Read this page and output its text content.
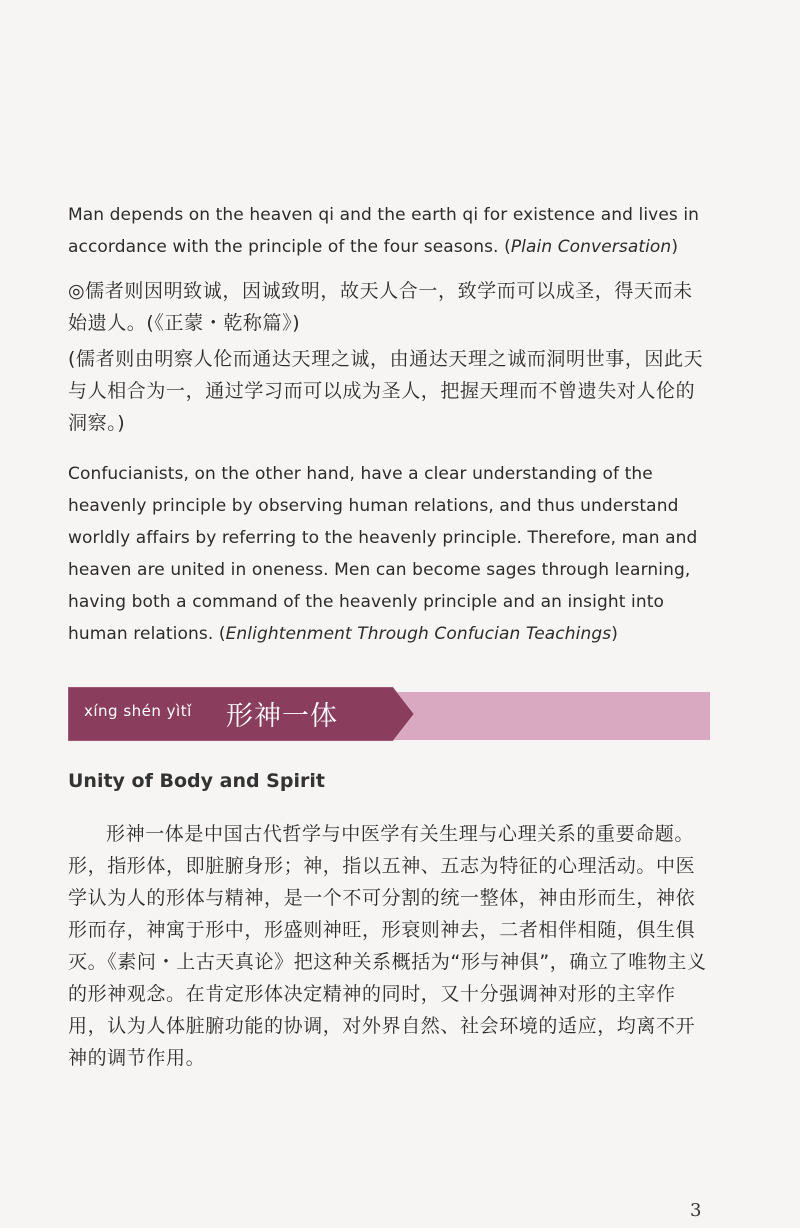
Man depends on the heaven qi and the earth qi for existence and lives in accordance with the principle of the four seasons. (Plain Conversation)
◎儒者则因明致诚，因诚致明，故天人合一，致学而可以成圣，得天而未始遗人。(《正蒙・乾称篇》)
(儒者则由明察人伦而通达天理之诚，由通达天理之诚而洞明世事，因此天与人相合为一，通过学习而可以成为圣人，把握天理而不曾遗失对人伦的洞察。)
Confucianists, on the other hand, have a clear understanding of the heavenly principle by observing human relations, and thus understand worldly affairs by referring to the heavenly principle. Therefore, man and heaven are united in oneness. Men can become sages through learning, having both a command of the heavenly principle and an insight into human relations. (Enlightenment Through Confucian Teachings)
xíng shén yìtǐ 形神一体
Unity of Body and Spirit
形神一体是中国古代哲学与中医学有关生理与心理关系的重要命题。形，指形体，即脏腑身形；神，指以五神、五志为特征的心理活动。中医学认为人的形体与精神，是一个不可分割的统一整体，神由形而生，神依形而存，神寓于形中，形盛则神旺，形衰则神去，二者相伴相随，俱生俱灭。《素问・上古天真论》把这种关系概括为“形与神俱”，确立了唯物主义的形神观念。在肯定形体决定精神的同时，又十分强调神对形的主宰作用，认为人体脏腑功能的协调，对外界自然、社会环境的适应，均离不开神的调节作用。
3
